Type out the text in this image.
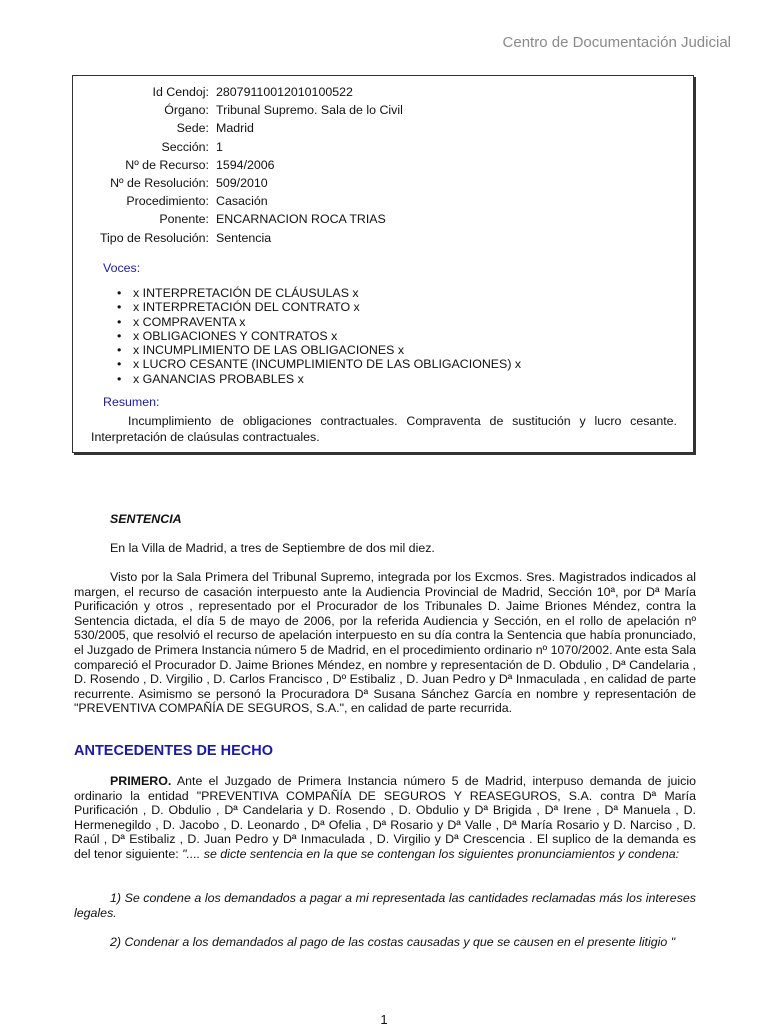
Centro de Documentación Judicial
Id Cendoj: 28079110012010100522
Órgano: Tribunal Supremo. Sala de lo Civil
Sede: Madrid
Sección: 1
Nº de Recurso: 1594/2006
Nº de Resolución: 509/2010
Procedimiento: Casación
Ponente: ENCARNACION ROCA TRIAS
Tipo de Resolución: Sentencia
Voces:
• x INTERPRETACIÓN DE CLÁUSULAS x
• x INTERPRETACIÓN DEL CONTRATO x
• x COMPRAVENTA x
• x OBLIGACIONES Y CONTRATOS x
• x INCUMPLIMIENTO DE LAS OBLIGACIONES x
• x LUCRO CESANTE (INCUMPLIMIENTO DE LAS OBLIGACIONES) x
• x GANANCIAS PROBABLES x
Resumen:
Incumplimiento de obligaciones contractuales. Compraventa de sustitución y lucro cesante. Interpretación de claúsulas contractuales.
SENTENCIA
En la Villa de Madrid, a tres de Septiembre de dos mil diez.
Visto por la Sala Primera del Tribunal Supremo, integrada por los Excmos. Sres. Magistrados indicados al margen, el recurso de casación interpuesto ante la Audiencia Provincial de Madrid, Sección 10ª, por Dª María Purificación y otros , representado por el Procurador de los Tribunales D. Jaime Briones Méndez, contra la Sentencia dictada, el día 5 de mayo de 2006, por la referida Audiencia y Sección, en el rollo de apelación nº 530/2005, que resolvió el recurso de apelación interpuesto en su día contra la Sentencia que había pronunciado, el Juzgado de Primera Instancia número 5 de Madrid, en el procedimiento ordinario nº 1070/2002. Ante esta Sala compareció el Procurador D. Jaime Briones Méndez, en nombre y representación de D. Obdulio , Dª Candelaria , D. Rosendo , D. Virgilio , D. Carlos Francisco , Dº Estibaliz , D. Juan Pedro y Dª Inmaculada , en calidad de parte recurrente. Asimismo se personó la Procuradora Dª Susana Sánchez García en nombre y representación de "PREVENTIVA COMPAÑÍA DE SEGUROS, S.A.", en calidad de parte recurrida.
ANTECEDENTES DE HECHO
PRIMERO. Ante el Juzgado de Primera Instancia número 5 de Madrid, interpuso demanda de juicio ordinario la entidad "PREVENTIVA COMPAÑÍA DE SEGUROS Y REASEGUROS, S.A. contra Dª María Purificación , D. Obdulio , Dª Candelaria y D. Rosendo , D. Obdulio y Dª Brigida , Dª Irene , Dª Manuela , D. Hermenegildo , D. Jacobo , D. Leonardo , Dª Ofelia , Dª Rosario y Dª Valle , Dª María Rosario y D. Narciso , D. Raúl , Dª Estibaliz , D. Juan Pedro y Dª Inmaculada , D. Virgilio y Dª Crescencia . El suplico de la demanda es del tenor siguiente: ".... se dicte sentencia en la que se contengan los siguientes pronunciamientos y condena:
1) Se condene a los demandados a pagar a mi representada las cantidades reclamadas más los intereses legales.
2) Condenar a los demandados al pago de las costas causadas y que se causen en el presente litigio "
1
